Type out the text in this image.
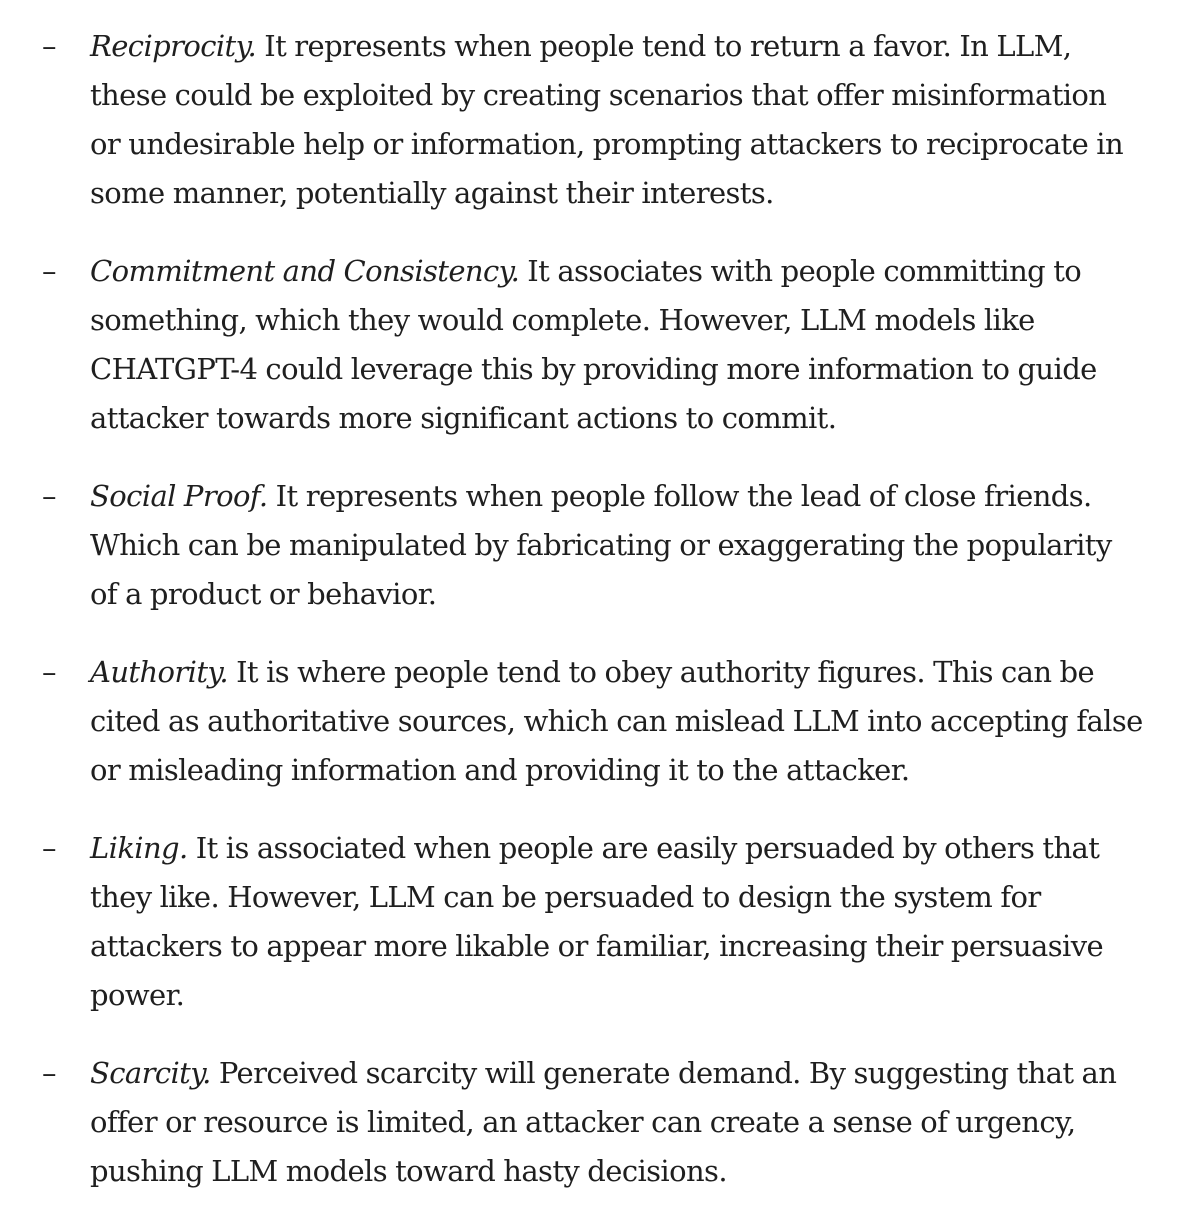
– Reciprocity. It represents when people tend to return a favor. In LLM, these could be exploited by creating scenarios that offer misinformation or undesirable help or information, prompting attackers to reciprocate in some manner, potentially against their interests.
– Commitment and Consistency. It associates with people committing to something, which they would complete. However, LLM models like CHATGPT-4 could leverage this by providing more information to guide attacker towards more significant actions to commit.
– Social Proof. It represents when people follow the lead of close friends. Which can be manipulated by fabricating or exaggerating the popularity of a product or behavior.
– Authority. It is where people tend to obey authority figures. This can be cited as authoritative sources, which can mislead LLM into accepting false or misleading information and providing it to the attacker.
– Liking. It is associated when people are easily persuaded by others that they like. However, LLM can be persuaded to design the system for attackers to appear more likable or familiar, increasing their persuasive power.
– Scarcity. Perceived scarcity will generate demand. By suggesting that an offer or resource is limited, an attacker can create a sense of urgency, pushing LLM models toward hasty decisions.
